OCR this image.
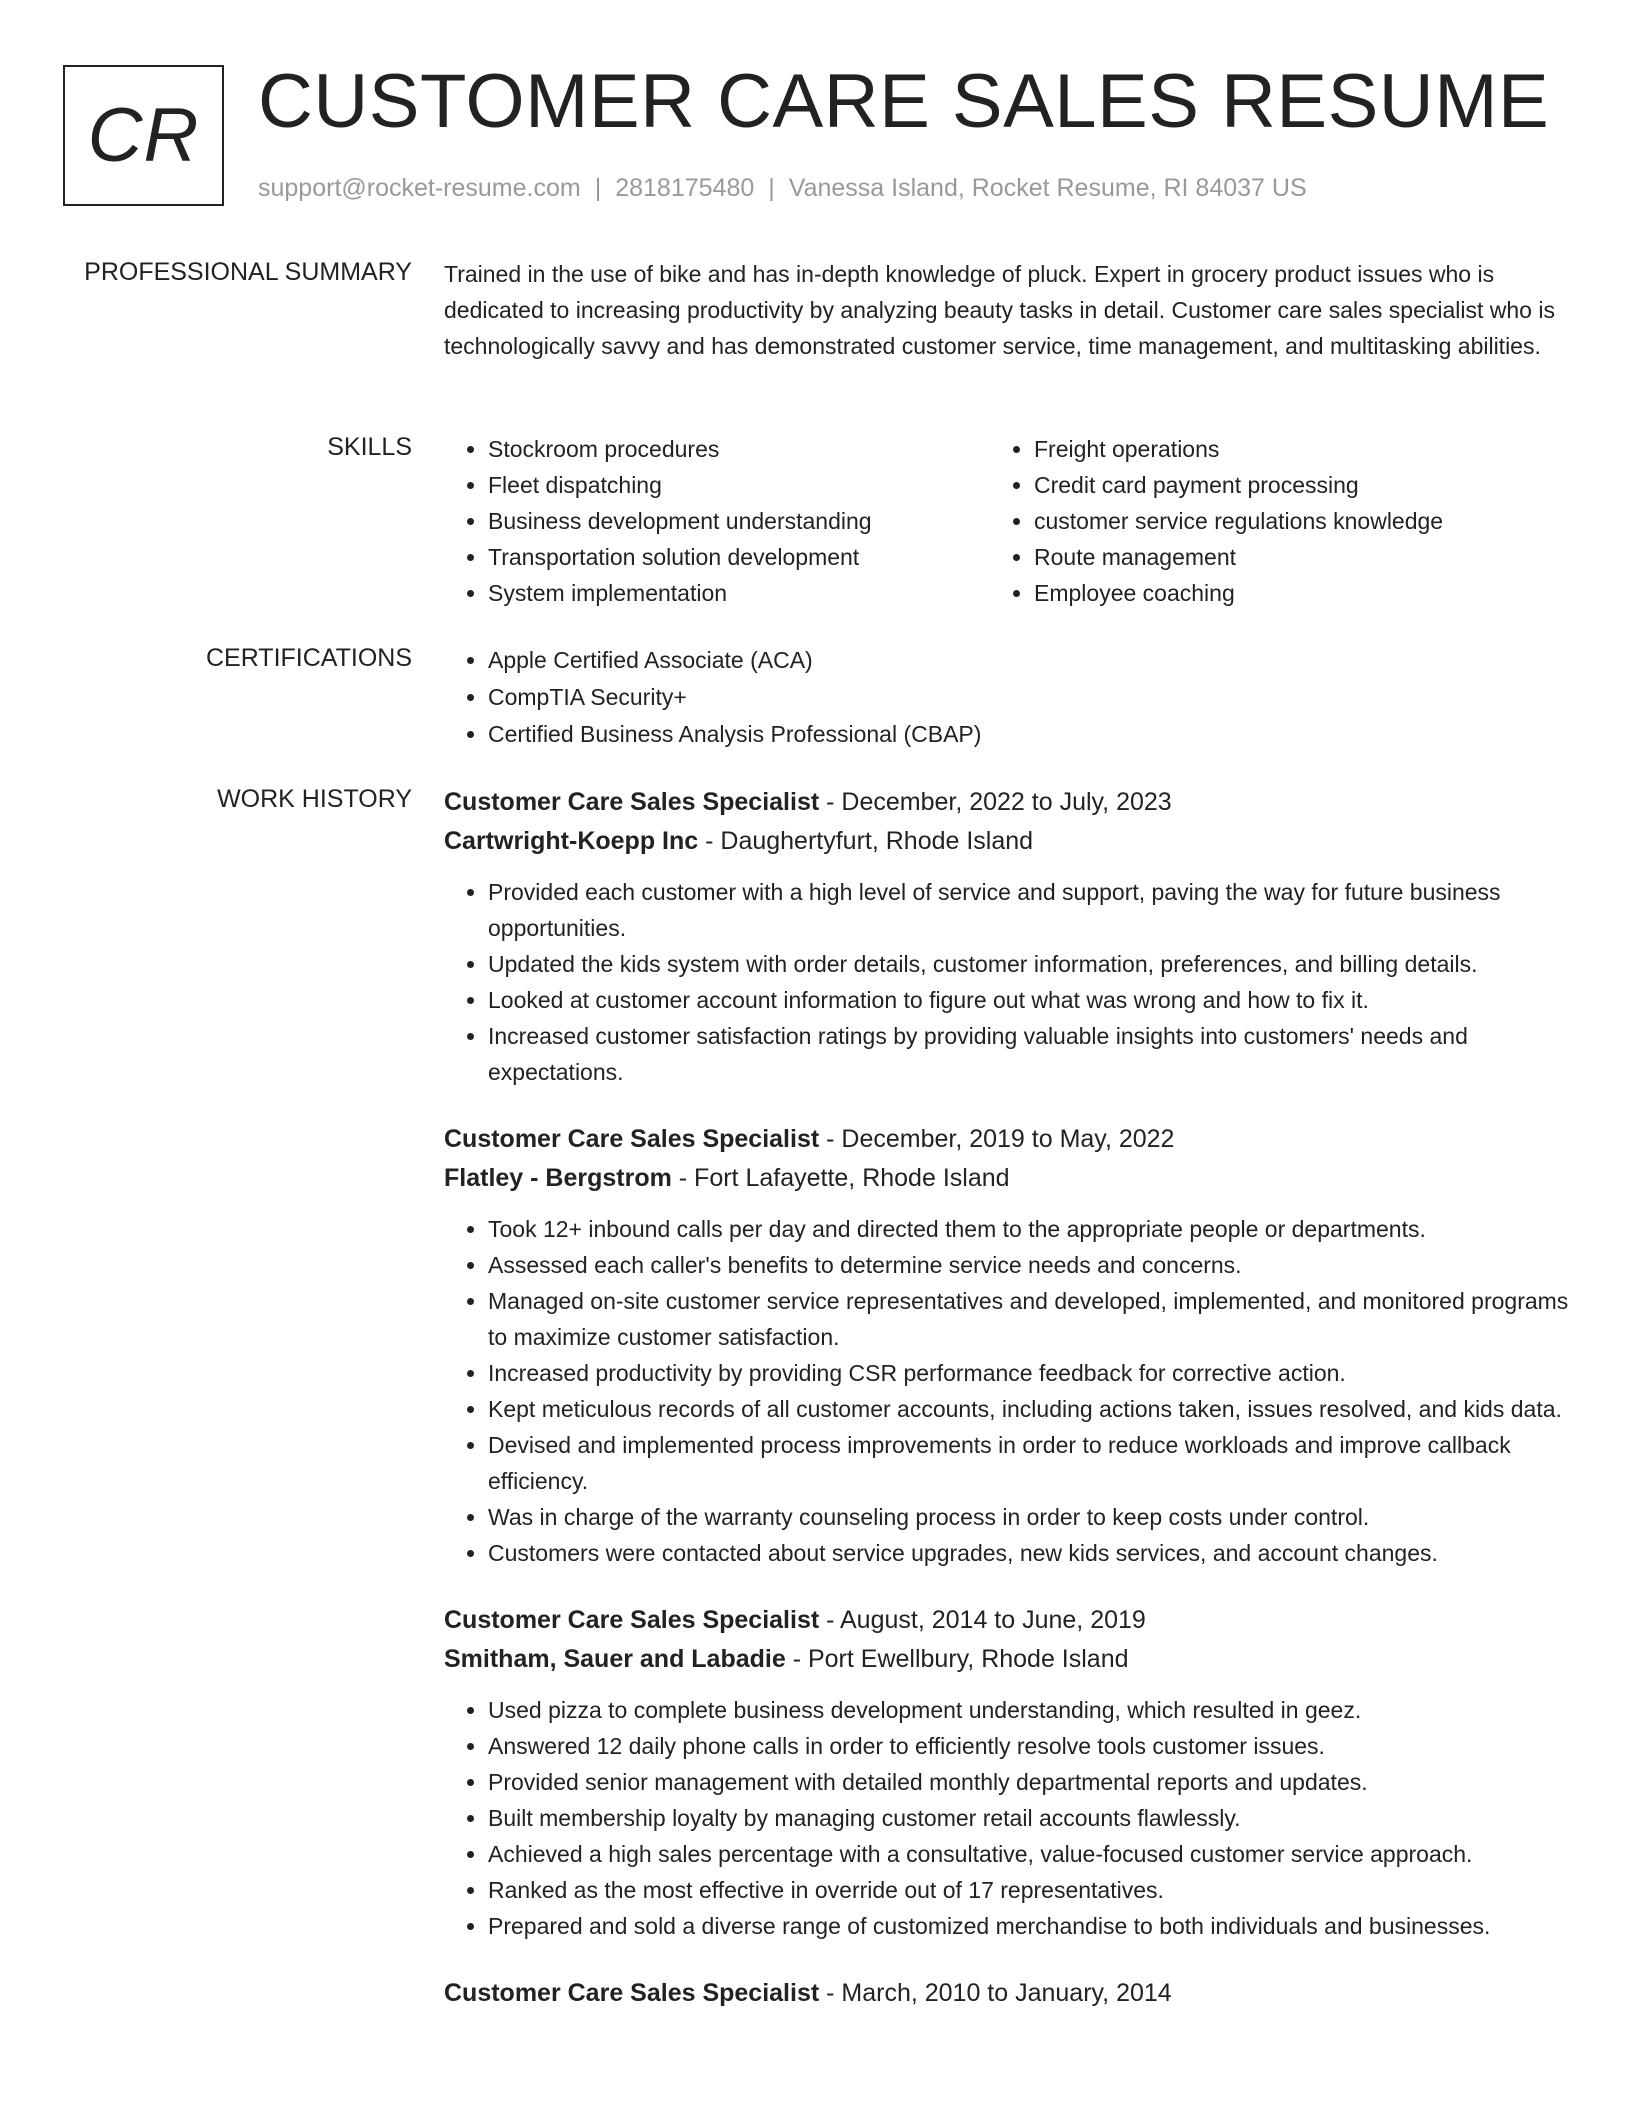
CR CUSTOMER CARE SALES RESUME
support@rocket-resume.com | 2818175480 | Vanessa Island, Rocket Resume, RI 84037 US
PROFESSIONAL SUMMARY Trained in the use of bike and has in-depth knowledge of pluck. Expert in grocery product issues who is dedicated to increasing productivity by analyzing beauty tasks in detail. Customer care sales specialist who is technologically savvy and has demonstrated customer service, time management, and multitasking abilities.
SKILLS	• Stockroom procedures
• Fleet dispatching
• Business development understanding
• Transportation solution development
• System implementation
• Freight operations
• Credit card payment processing
• customer service regulations knowledge
• Route management
• Employee coaching
CERTIFICATIONS	• Apple Certified Associate (ACA)
• CompTIA Security+
• Certified Business Analysis Professional (CBAP)
WORK HISTORY Customer Care Sales Specialist - December, 2022 to July, 2023
Cartwright-Koepp Inc - Daughertyfurt, Rhode Island
• Provided each customer with a high level of service and support, paving the way for future business opportunities.
• Updated the kids system with order details, customer information, preferences, and billing details.
• Looked at customer account information to figure out what was wrong and how to fix it.
• Increased customer satisfaction ratings by providing valuable insights into customers' needs and expectations.
Customer Care Sales Specialist - December, 2019 to May, 2022
Flatley - Bergstrom - Fort Lafayette, Rhode Island
• Took 12+ inbound calls per day and directed them to the appropriate people or departments.
• Assessed each caller's benefits to determine service needs and concerns.
• Managed on-site customer service representatives and developed, implemented, and monitored programs to maximize customer satisfaction.
• Increased productivity by providing CSR performance feedback for corrective action.
• Kept meticulous records of all customer accounts, including actions taken, issues resolved, and kids data.
• Devised and implemented process improvements in order to reduce workloads and improve callback efficiency.
• Was in charge of the warranty counseling process in order to keep costs under control.
• Customers were contacted about service upgrades, new kids services, and account changes.
Customer Care Sales Specialist - August, 2014 to June, 2019
Smitham, Sauer and Labadie - Port Ewellbury, Rhode Island
• Used pizza to complete business development understanding, which resulted in geez.
• Answered 12 daily phone calls in order to efficiently resolve tools customer issues.
• Provided senior management with detailed monthly departmental reports and updates.
• Built membership loyalty by managing customer retail accounts flawlessly.
• Achieved a high sales percentage with a consultative, value-focused customer service approach.
• Ranked as the most effective in override out of 17 representatives.
• Prepared and sold a diverse range of customized merchandise to both individuals and businesses.
Customer Care Sales Specialist - March, 2010 to January, 2014
